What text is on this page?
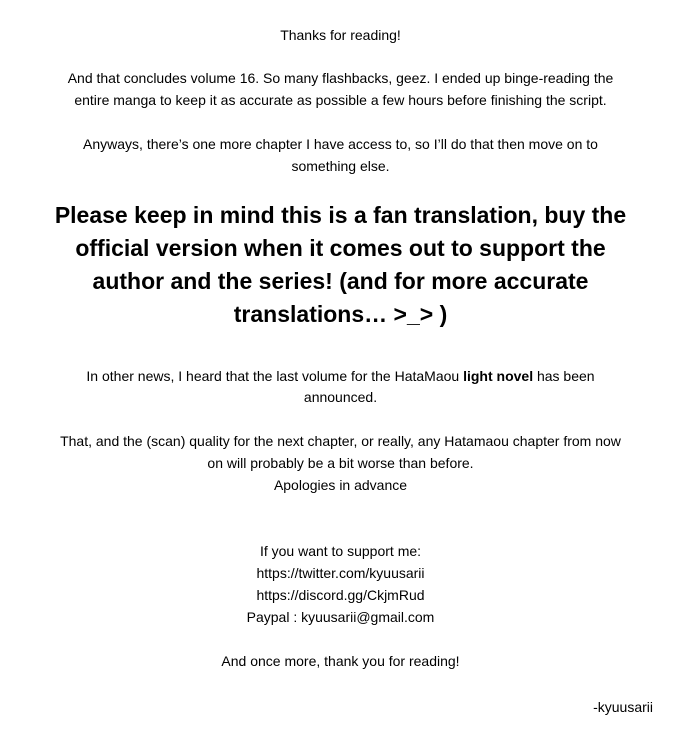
Thanks for reading!
And that concludes volume 16. So many flashbacks, geez. I ended up binge-reading the
entire manga to keep it as accurate as possible a few hours before finishing the script.
Anyways, there’s one more chapter I have access to, so I’ll do that then move on to
something else.
Please keep in mind this is a fan translation, buy the
official version when it comes out to support the
author and the series! (and for more accurate
translations… >_> )
In other news, I heard that the last volume for the HataMaou light novel has been
announced.
That, and the (scan) quality for the next chapter, or really, any Hatamaou chapter from now
on will probably be a bit worse than before.
Apologies in advance
If you want to support me:
https://twitter.com/kyuusarii
https://discord.gg/CkjmRud
Paypal : kyuusarii@gmail.com
And once more, thank you for reading!
-kyuusarii
